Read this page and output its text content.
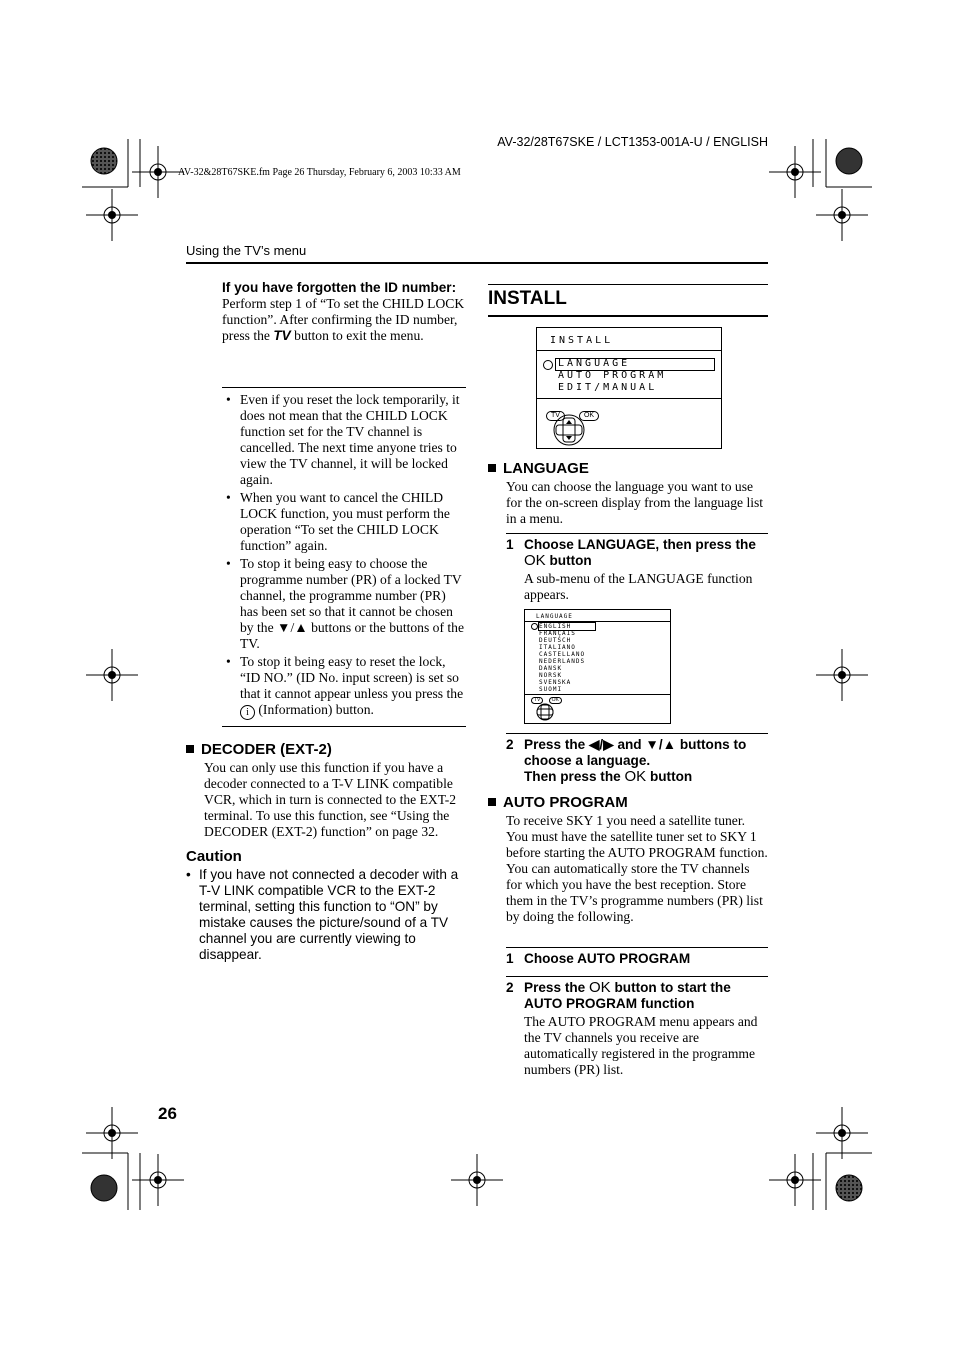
AV-32/28T67SKE / LCT1353-001A-U / ENGLISH
AV-32&28T67SKE.fm Page 26 Thursday, February 6, 2003 10:33 AM
Using the TV’s menu
If you have forgotten the ID number:
Perform step 1 of “To set the CHILD LOCK function”. After confirming the ID number, press the TV button to exit the menu.
• Even if you reset the lock temporarily, it does not mean that the CHILD LOCK function set for the TV channel is cancelled. The next time anyone tries to view the TV channel, it will be locked again.
• When you want to cancel the CHILD LOCK function, you must perform the operation “To set the CHILD LOCK function” again.
• To stop it being easy to choose the programme number (PR) of a locked TV channel, the programme number (PR) has been set so that it cannot be chosen by the ▼/▲ buttons or the buttons of the TV.
• To stop it being easy to reset the lock, “ID NO.” (ID No. input screen) is set so that it cannot appear unless you press the i (Information) button.
DECODER (EXT-2)
You can only use this function if you have a decoder connected to a T-V LINK compatible VCR, which in turn is connected to the EXT-2 terminal. To use this function, see “Using the DECODER (EXT-2) function” on page 32.
Caution
• If you have not connected a decoder with a T-V LINK compatible VCR to the EXT-2 terminal, setting this function to “ON” by mistake causes the picture/sound of a TV channel you are currently viewing to disappear.
INSTALL
INSTALL
LANGUAGE
AUTO PROGRAM
EDIT/MANUAL
TV	OK
LANGUAGE
You can choose the language you want to use for the on-screen display from the language list in a menu.
1 Choose LANGUAGE, then press the OK button
A sub-menu of the LANGUAGE function appears.
LANGUAGE
ENGLISH
FRANÇAIS
DEUTSCH
ITALIANO
CASTELLANO
NEDERLANDS
DANSK
NORSK
SVENSKA
SUOMI
TV OK
2 Press the ◀/▶ and ▼/▲ buttons to choose a language.
Then press the OK button
AUTO PROGRAM
To receive SKY 1 you need a satellite tuner. You must have the satellite tuner set to SKY 1 before starting the AUTO PROGRAM function.
You can automatically store the TV channels for which you have the best reception. Store them in the TV’s programme numbers (PR) list by doing the following.
1 Choose AUTO PROGRAM
2 Press the OK button to start the AUTO PROGRAM function
The AUTO PROGRAM menu appears and the TV channels you receive are automatically registered in the programme numbers (PR) list.
26
